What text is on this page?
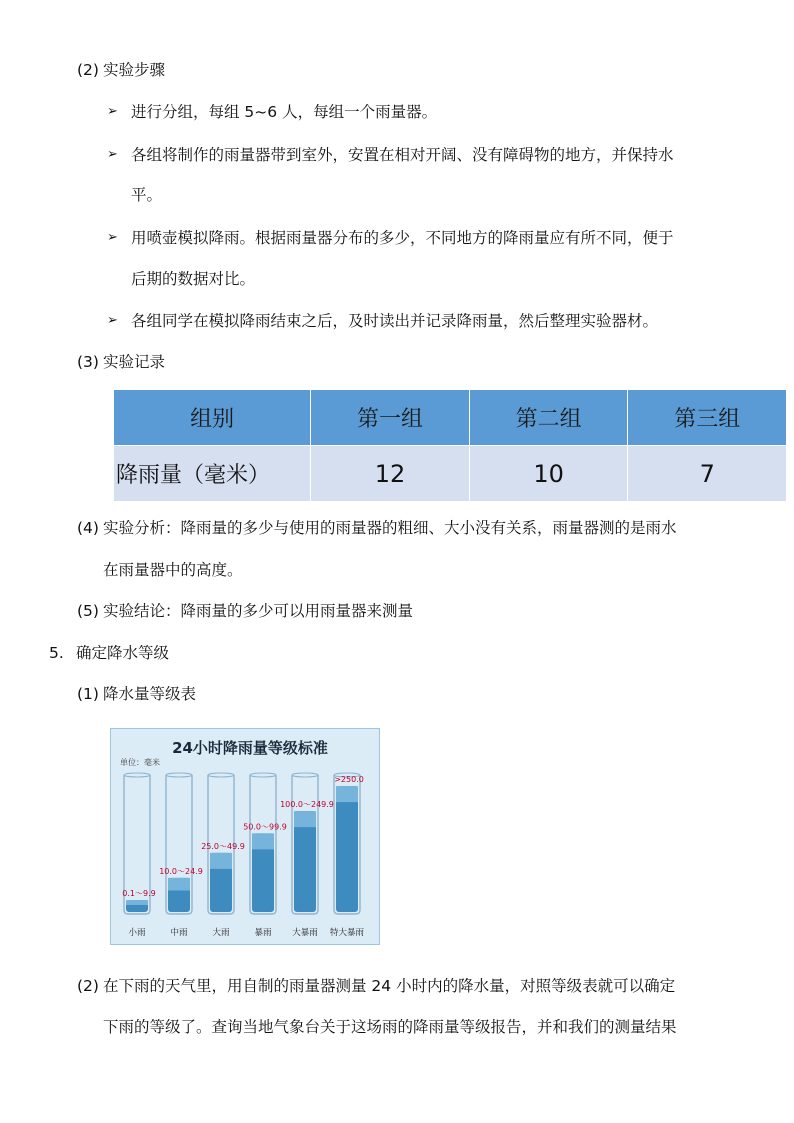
(2) 实验步骤
➢ 进行分组，每组 5~6 人，每组一个雨量器。
➢ 各组将制作的雨量器带到室外，安置在相对开阔、没有障碍物的地方，并保持水
平。
➢ 用喷壶模拟降雨。根据雨量器分布的多少，不同地方的降雨量应有所不同，便于
后期的数据对比。
➢ 各组同学在模拟降雨结束之后，及时读出并记录降雨量，然后整理实验器材。
(3) 实验记录
组别	第一组	第二组	第三组
降雨量（毫米）	12	10	7
(4) 实验分析：降雨量的多少与使用的雨量器的粗细、大小没有关系，雨量器测的是雨水
在雨量器中的高度。
(5) 实验结论：降雨量的多少可以用雨量器来测量
5. 确定降水等级
(1) 降水量等级表
24小时降雨量等级标准
单位：毫米
0.1～9.9
小雨
10.0～24.9
中雨
25.0～49.9
大雨
50.0～99.9
暴雨
100.0～249.9
大暴雨
>250.0
特大暴雨
(2) 在下雨的天气里，用自制的雨量器测量 24 小时内的降水量，对照等级表就可以确定
下雨的等级了。查询当地气象台关于这场雨的降雨量等级报告，并和我们的测量结果
